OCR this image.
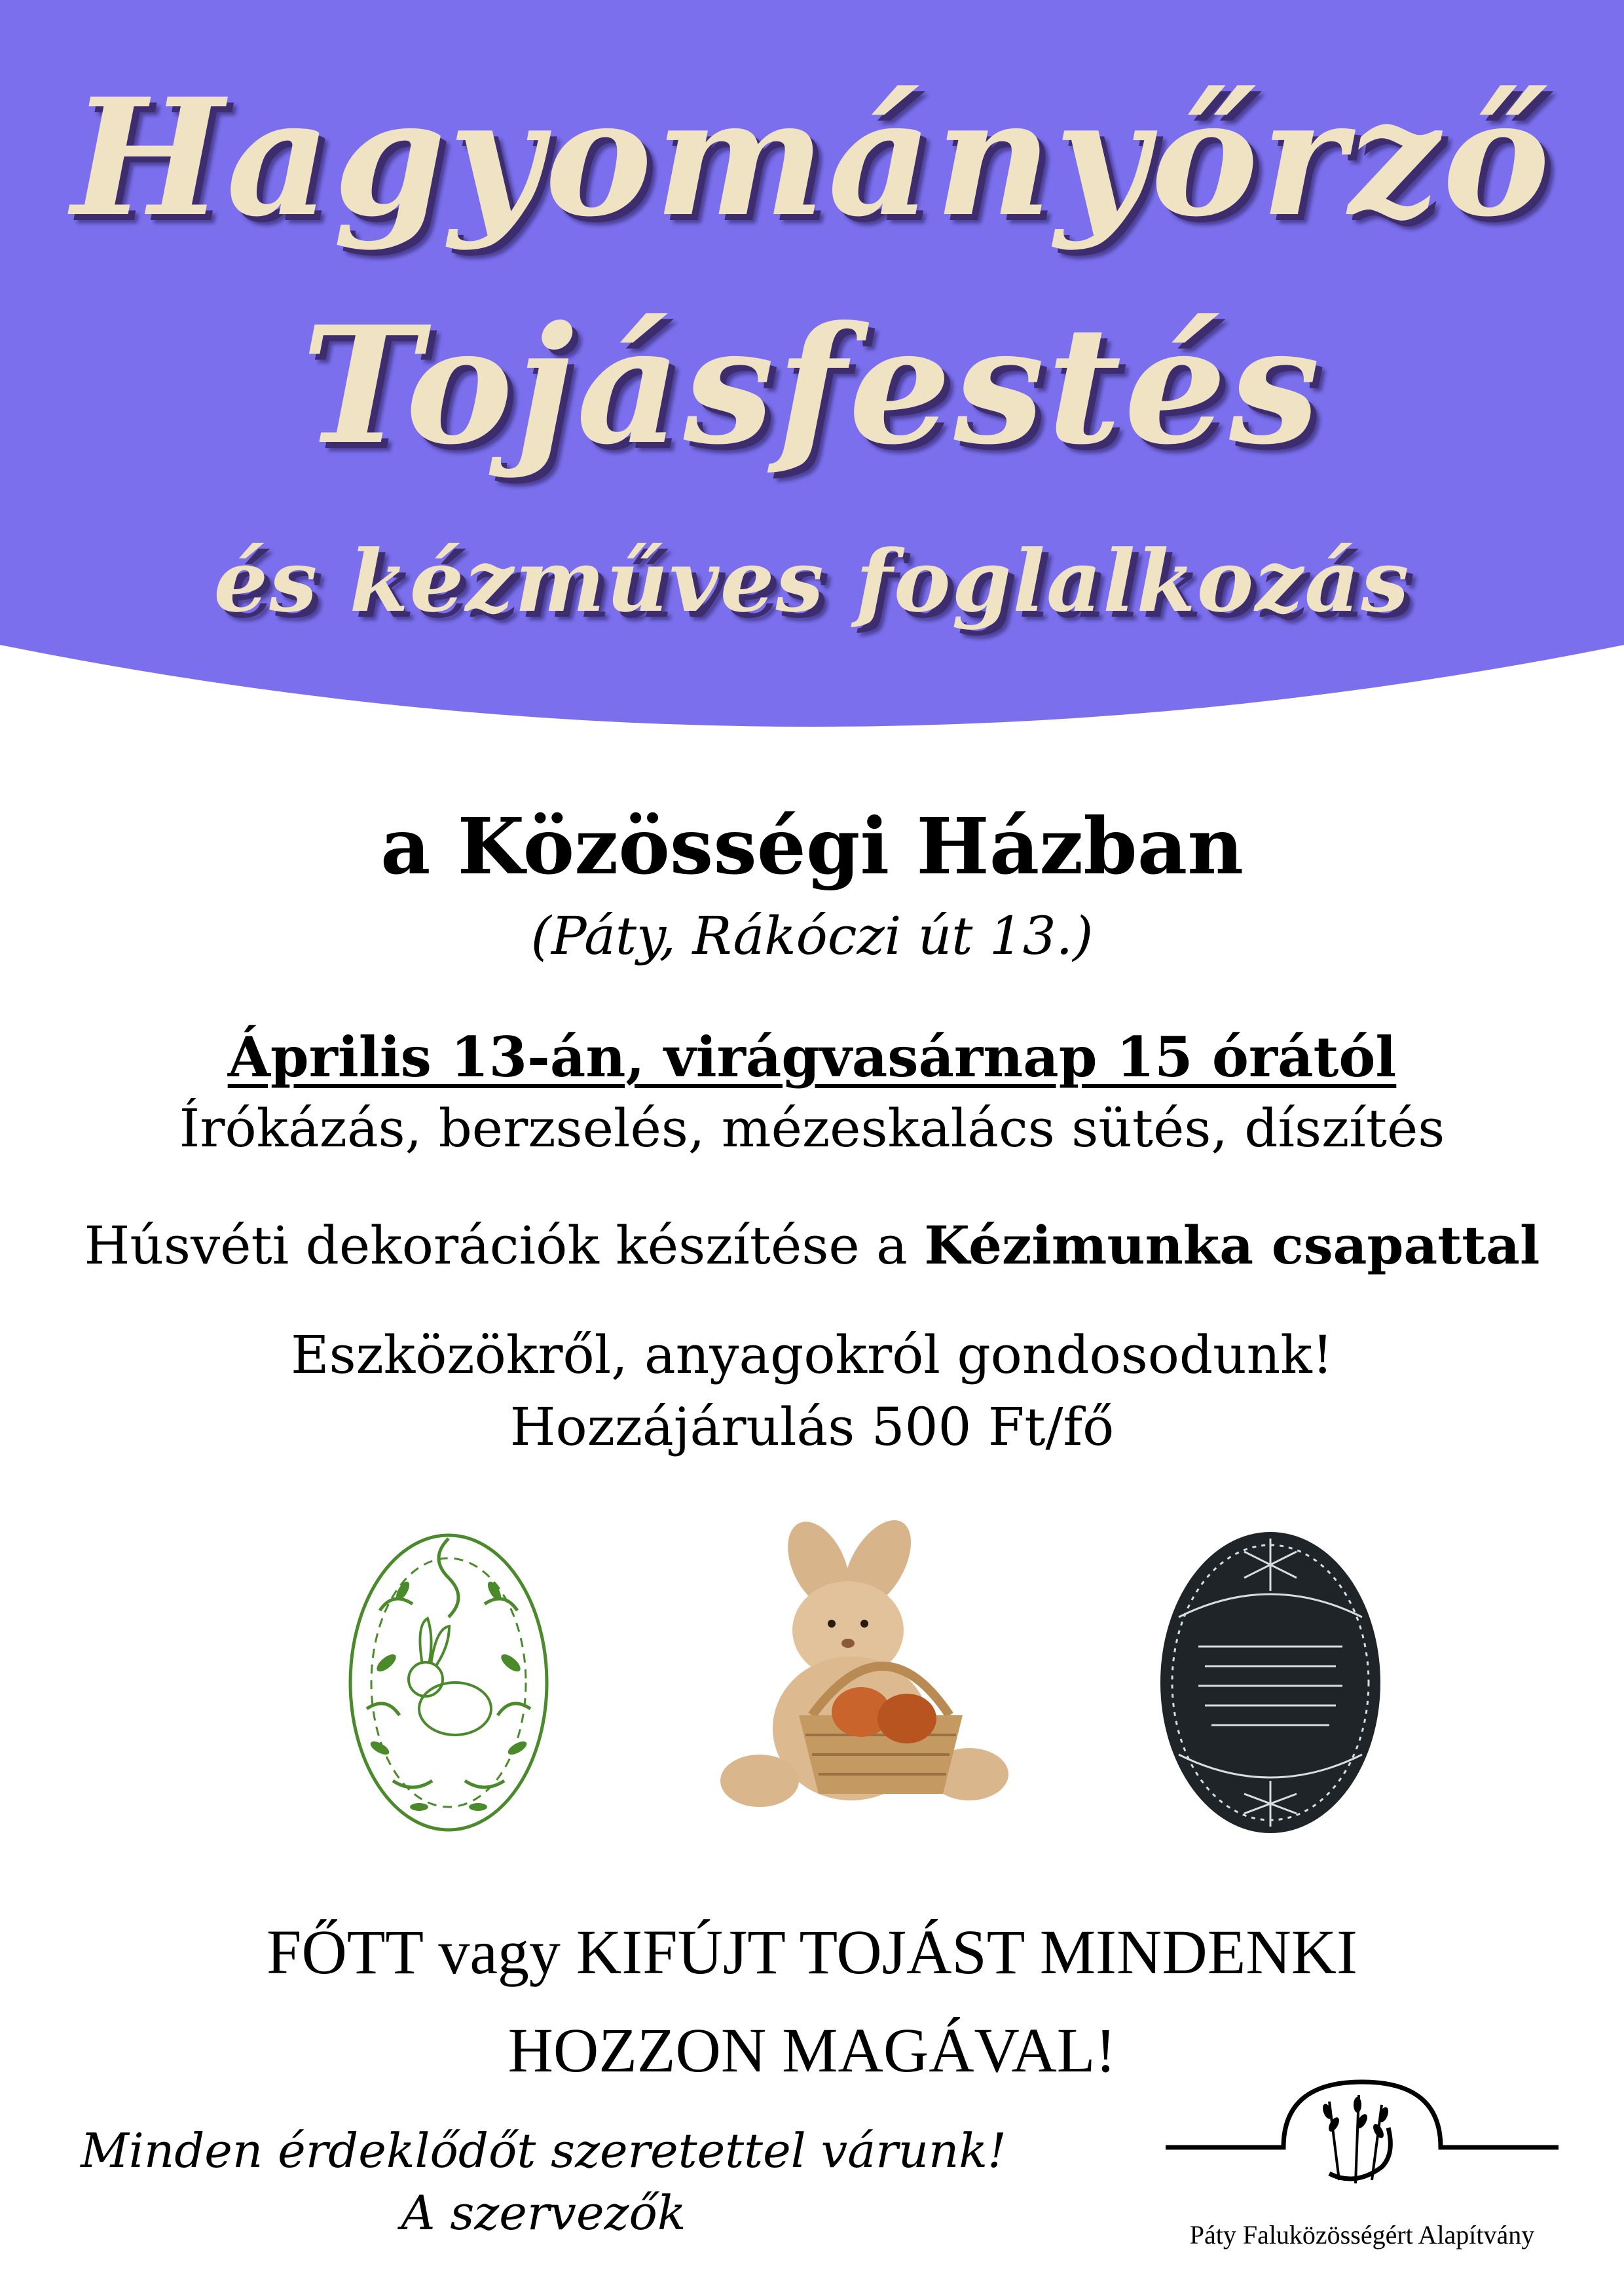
Hagyományőrző
Tojásfestés
és kézműves foglalkozás

a Közösségi Házban

(Páty, Rákóczi út 13.)

Április 13-án, virágvasárnap 15 órától

Írókázás, berzselés, mézeskalács sütés, díszítés

Húsvéti dekorációk készítése a Kézimunka csapattal

Eszközökről, anyagokról gondosodunk!

Hozzájárulás 500 Ft/fő

FŐTT vagy KIFÚJT TOJÁST MINDENKI

HOZZON MAGÁVAL!

Minden érdeklődőt szeretettel várunk!

A szervezők	Páty Faluközösségért Alapítvány
